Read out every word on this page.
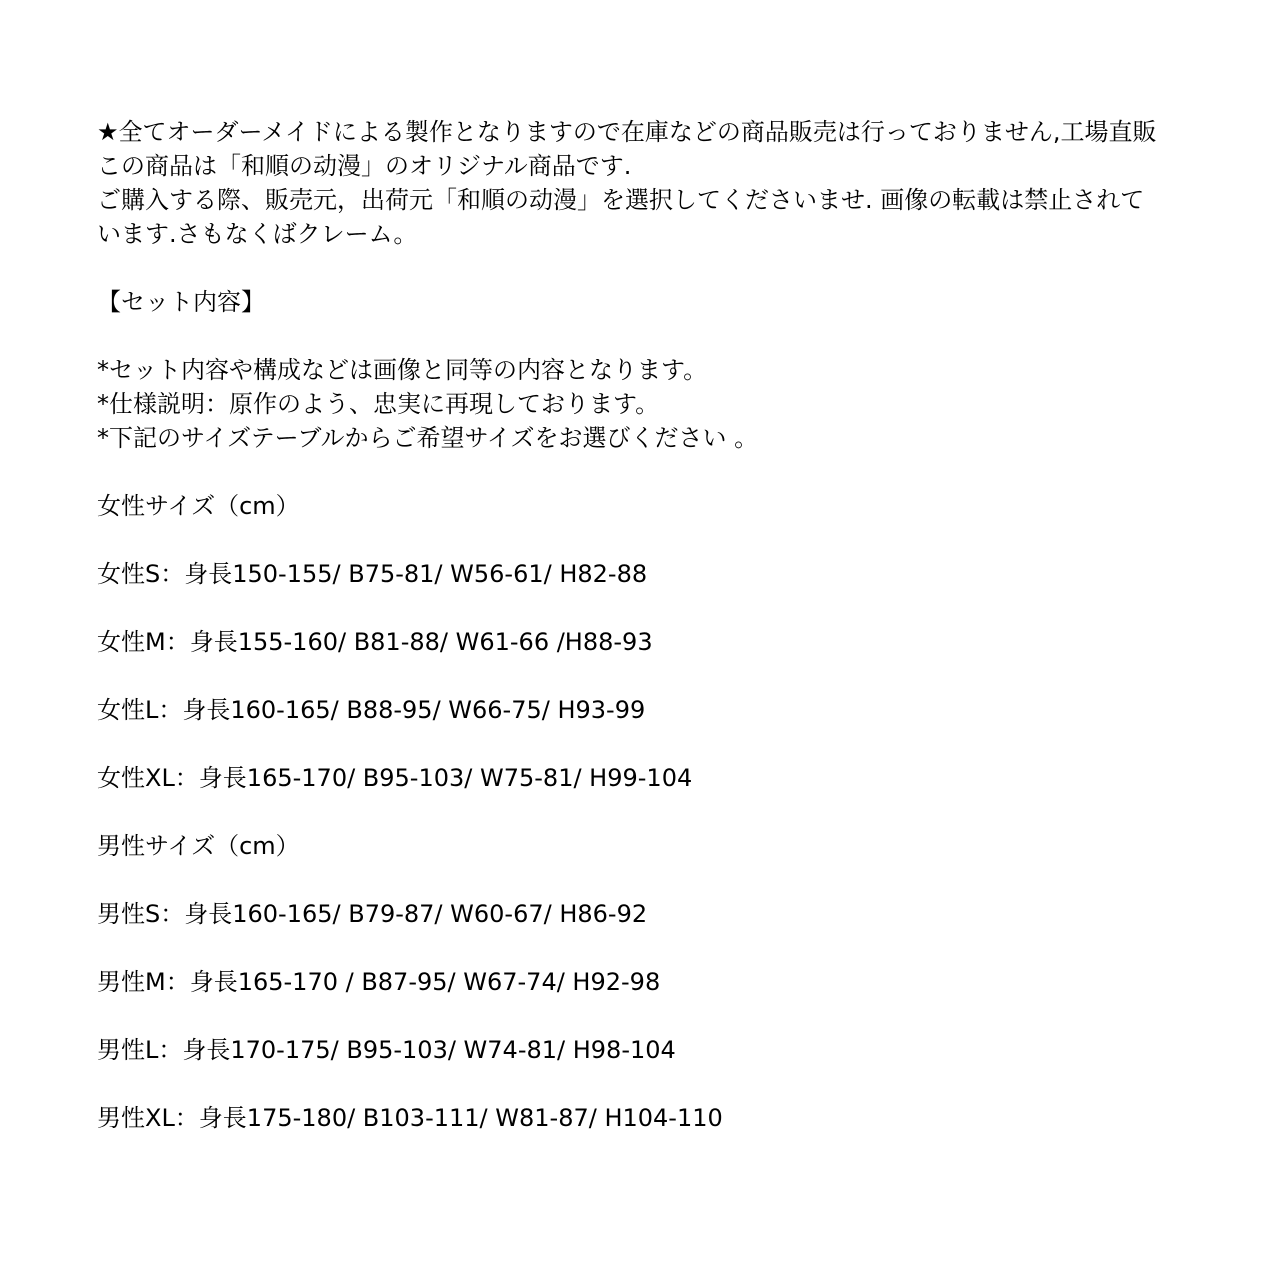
★全てオーダーメイドによる製作となりますので在庫などの商品販売は行っておりません,工場直販
この商品は「和順の动漫」のオリジナル商品です.
ご購入する際、販売元，出荷元「和順の动漫」を選択してくださいませ. 画像の転載は禁止されて
います.さもなくばクレーム。
【セット内容】
*セット内容や構成などは画像と同等の内容となります。
*仕様説明：原作のよう、忠実に再現しております。
*下記のサイズテーブルからご希望サイズをお選びください 。
女性サイズ（cm）
女性S：身長150-155/ B75-81/ W56-61/ H82-88
女性M：身長155-160/ B81-88/ W61-66 /H88-93
女性L：身長160-165/ B88-95/ W66-75/ H93-99
女性XL：身長165-170/ B95-103/ W75-81/ H99-104
男性サイズ（cm）
男性S：身長160-165/ B79-87/ W60-67/ H86-92
男性M：身長165-170 / B87-95/ W67-74/ H92-98
男性L：身長170-175/ B95-103/ W74-81/ H98-104
男性XL：身長175-180/ B103-111/ W81-87/ H104-110
